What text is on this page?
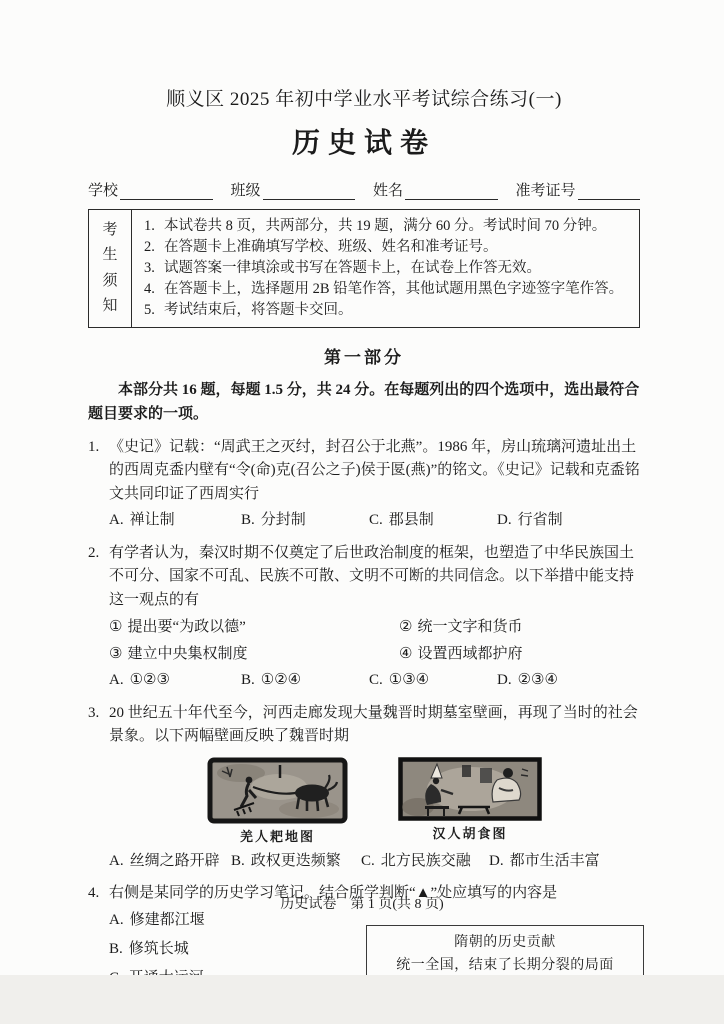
顺义区 2025 年初中学业水平考试综合练习(一)
历史试卷
学校	班级	姓名	准考证号
考生须知
1. 本试卷共 8 页，共两部分，共 19 题，满分 60 分。考试时间 70 分钟。
2. 在答题卡上准确填写学校、班级、姓名和准考证号。
3. 试题答案一律填涂或书写在答题卡上，在试卷上作答无效。
4. 在答题卡上，选择题用 2B 铅笔作答，其他试题用黑色字迹签字笔作答。
5. 考试结束后，将答题卡交回。
第一部分
本部分共 16 题，每题 1.5 分，共 24 分。在每题列出的四个选项中，选出最符合题目要求的一项。
1. 《史记》记载：“周武王之灭纣，封召公于北燕”。1986 年，房山琉璃河遗址出土的西周克盉内壁有“令(命)克(召公之子)侯于匽(燕)”的铭文。《史记》记载和克盉铭文共同印证了西周实行
A. 禅让制	B. 分封制	C. 郡县制	D. 行省制
2. 有学者认为，秦汉时期不仅奠定了后世政治制度的框架，也塑造了中华民族国土不可分、国家不可乱、民族不可散、文明不可断的共同信念。以下举措中能支持这一观点的有
① 提出要“为政以德”	② 统一文字和货币
③ 建立中央集权制度	④ 设置西域都护府
A. ①②③	B. ①②④	C. ①③④	D. ②③④
3. 20 世纪五十年代至今，河西走廊发现大量魏晋时期墓室壁画，再现了当时的社会景象。以下两幅壁画反映了魏晋时期
羌人耙地图	汉人胡食图
A. 丝绸之路开辟 B. 政权更迭频繁	C. 北方民族交融	D. 都市生活丰富
4. 右侧是某同学的历史学习笔记。结合所学判断“▲”处应填写的内容是
A. 修建都江堰
B. 修筑长城	隋朝的历史贡献
统一全国，结束了长期分裂的局面
历史试卷 第 1 页(共 8 页)
